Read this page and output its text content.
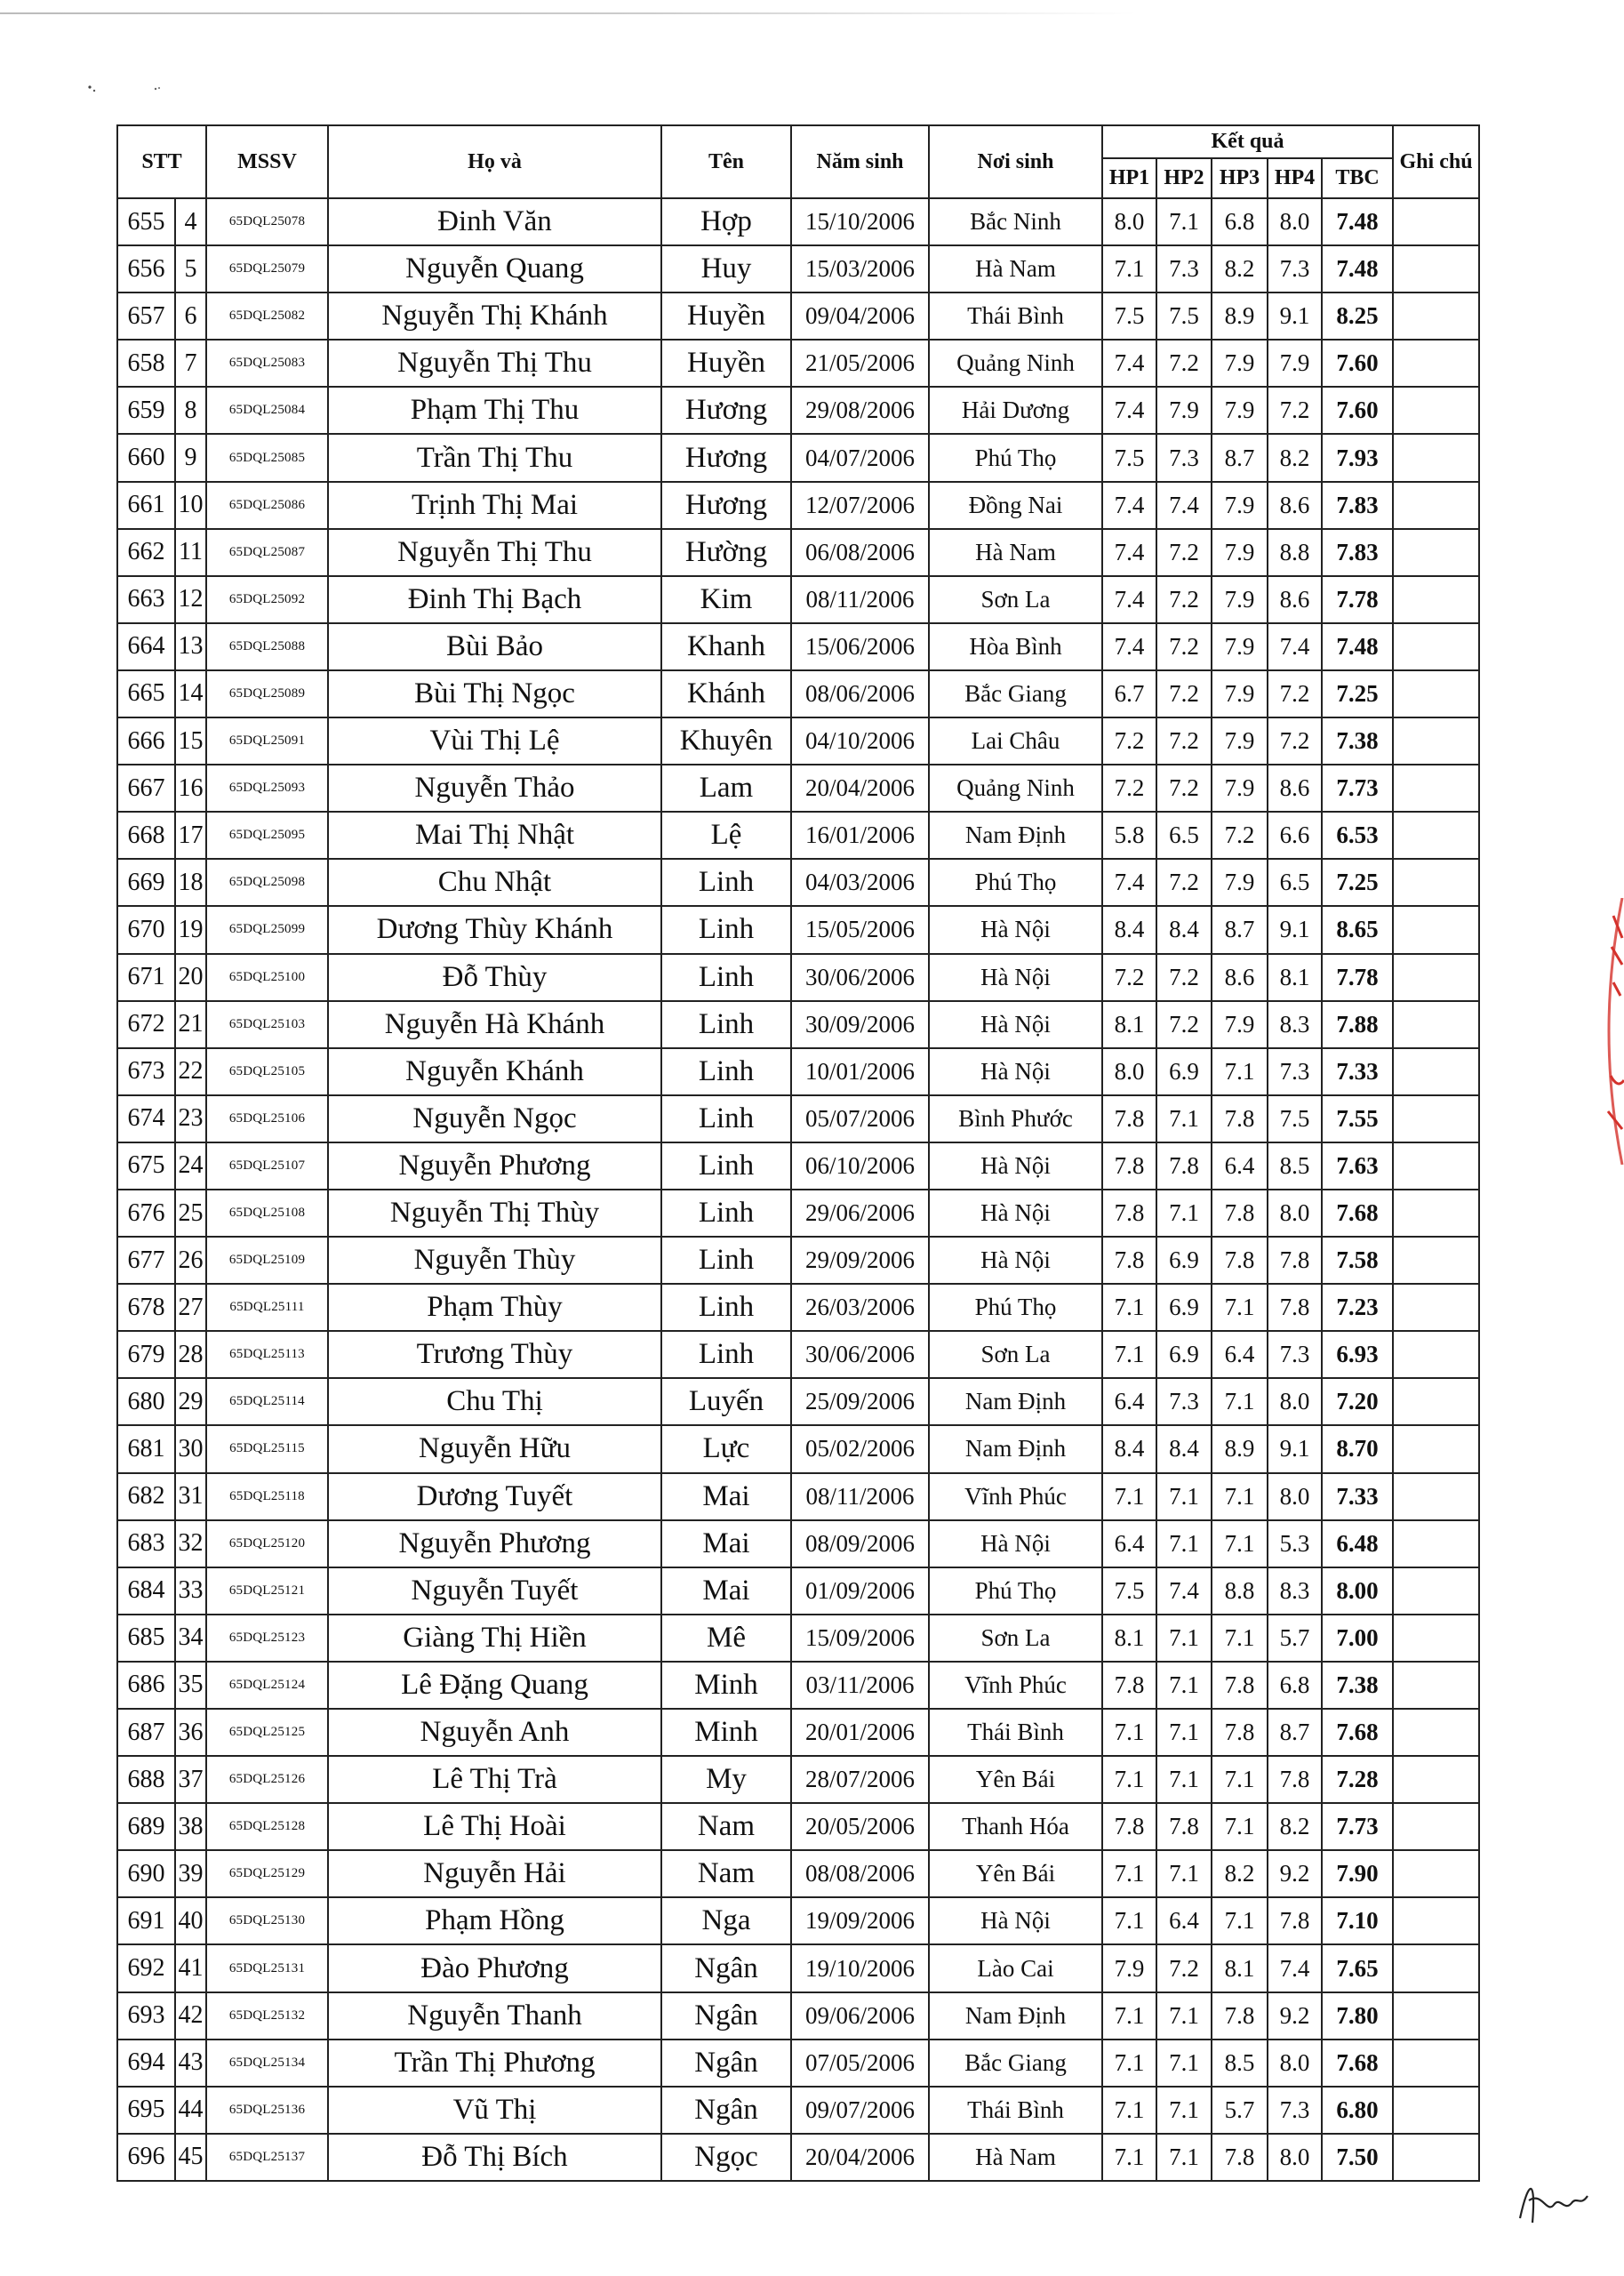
STT		MSSV	Họ và	Tên	Năm sinh	Nơi sinh	Kết quả					Ghi chú
							HP1	HP2	HP3	HP4	TBC	
655	4	65DQL25078	Đinh Văn	Hợp	15/10/2006	Bắc Ninh	8.0	7.1	6.8	8.0	7.48	
656	5	65DQL25079	Nguyễn Quang	Huy	15/03/2006	Hà Nam	7.1	7.3	8.2	7.3	7.48	
657	6	65DQL25082	Nguyễn Thị Khánh	Huyền	09/04/2006	Thái Bình	7.5	7.5	8.9	9.1	8.25	
658	7	65DQL25083	Nguyễn Thị Thu	Huyền	21/05/2006	Quảng Ninh	7.4	7.2	7.9	7.9	7.60	
659	8	65DQL25084	Phạm Thị Thu	Hương	29/08/2006	Hải Dương	7.4	7.9	7.9	7.2	7.60	
660	9	65DQL25085	Trần Thị Thu	Hương	04/07/2006	Phú Thọ	7.5	7.3	8.7	8.2	7.93	
661	10	65DQL25086	Trịnh Thị Mai	Hương	12/07/2006	Đồng Nai	7.4	7.4	7.9	8.6	7.83	
662	11	65DQL25087	Nguyễn Thị Thu	Hường	06/08/2006	Hà Nam	7.4	7.2	7.9	8.8	7.83	
663	12	65DQL25092	Đinh Thị Bạch	Kim	08/11/2006	Sơn La	7.4	7.2	7.9	8.6	7.78	
664	13	65DQL25088	Bùi Bảo	Khanh	15/06/2006	Hòa Bình	7.4	7.2	7.9	7.4	7.48	
665	14	65DQL25089	Bùi Thị Ngọc	Khánh	08/06/2006	Bắc Giang	6.7	7.2	7.9	7.2	7.25	
666	15	65DQL25091	Vùi Thị Lệ	Khuyên	04/10/2006	Lai Châu	7.2	7.2	7.9	7.2	7.38	
667	16	65DQL25093	Nguyễn Thảo	Lam	20/04/2006	Quảng Ninh	7.2	7.2	7.9	8.6	7.73	
668	17	65DQL25095	Mai Thị Nhật	Lệ	16/01/2006	Nam Định	5.8	6.5	7.2	6.6	6.53	
669	18	65DQL25098	Chu Nhật	Linh	04/03/2006	Phú Thọ	7.4	7.2	7.9	6.5	7.25	
670	19	65DQL25099	Dương Thùy Khánh	Linh	15/05/2006	Hà Nội	8.4	8.4	8.7	9.1	8.65	
671	20	65DQL25100	Đỗ Thùy	Linh	30/06/2006	Hà Nội	7.2	7.2	8.6	8.1	7.78	
672	21	65DQL25103	Nguyễn Hà Khánh	Linh	30/09/2006	Hà Nội	8.1	7.2	7.9	8.3	7.88	
673	22	65DQL25105	Nguyễn Khánh	Linh	10/01/2006	Hà Nội	8.0	6.9	7.1	7.3	7.33	
674	23	65DQL25106	Nguyễn Ngọc	Linh	05/07/2006	Bình Phước	7.8	7.1	7.8	7.5	7.55	
675	24	65DQL25107	Nguyễn Phương	Linh	06/10/2006	Hà Nội	7.8	7.8	6.4	8.5	7.63	
676	25	65DQL25108	Nguyễn Thị Thùy	Linh	29/06/2006	Hà Nội	7.8	7.1	7.8	8.0	7.68	
677	26	65DQL25109	Nguyễn Thùy	Linh	29/09/2006	Hà Nội	7.8	6.9	7.8	7.8	7.58	
678	27	65DQL25111	Phạm Thùy	Linh	26/03/2006	Phú Thọ	7.1	6.9	7.1	7.8	7.23	
679	28	65DQL25113	Trương Thùy	Linh	30/06/2006	Sơn La	7.1	6.9	6.4	7.3	6.93	
680	29	65DQL25114	Chu Thị	Luyến	25/09/2006	Nam Định	6.4	7.3	7.1	8.0	7.20	
681	30	65DQL25115	Nguyễn Hữu	Lực	05/02/2006	Nam Định	8.4	8.4	8.9	9.1	8.70	
682	31	65DQL25118	Dương Tuyết	Mai	08/11/2006	Vĩnh Phúc	7.1	7.1	7.1	8.0	7.33	
683	32	65DQL25120	Nguyễn Phương	Mai	08/09/2006	Hà Nội	6.4	7.1	7.1	5.3	6.48	
684	33	65DQL25121	Nguyễn Tuyết	Mai	01/09/2006	Phú Thọ	7.5	7.4	8.8	8.3	8.00	
685	34	65DQL25123	Giàng Thị Hiền	Mê	15/09/2006	Sơn La	8.1	7.1	7.1	5.7	7.00	
686	35	65DQL25124	Lê Đặng Quang	Minh	03/11/2006	Vĩnh Phúc	7.8	7.1	7.8	6.8	7.38	
687	36	65DQL25125	Nguyễn Anh	Minh	20/01/2006	Thái Bình	7.1	7.1	7.8	8.7	7.68	
688	37	65DQL25126	Lê Thị Trà	My	28/07/2006	Yên Bái	7.1	7.1	7.1	7.8	7.28	
689	38	65DQL25128	Lê Thị Hoài	Nam	20/05/2006	Thanh Hóa	7.8	7.8	7.1	8.2	7.73	
690	39	65DQL25129	Nguyễn Hải	Nam	08/08/2006	Yên Bái	7.1	7.1	8.2	9.2	7.90	
691	40	65DQL25130	Phạm Hồng	Nga	19/09/2006	Hà Nội	7.1	6.4	7.1	7.8	7.10	
692	41	65DQL25131	Đào Phương	Ngân	19/10/2006	Lào Cai	7.9	7.2	8.1	7.4	7.65	
693	42	65DQL25132	Nguyễn Thanh	Ngân	09/06/2006	Nam Định	7.1	7.1	7.8	9.2	7.80	
694	43	65DQL25134	Trần Thị Phương	Ngân	07/05/2006	Bắc Giang	7.1	7.1	8.5	8.0	7.68	
695	44	65DQL25136	Vũ Thị	Ngân	09/07/2006	Thái Bình	7.1	7.1	5.7	7.3	6.80	
696	45	65DQL25137	Đỗ Thị Bích	Ngọc	20/04/2006	Hà Nam	7.1	7.1	7.8	8.0	7.50	
